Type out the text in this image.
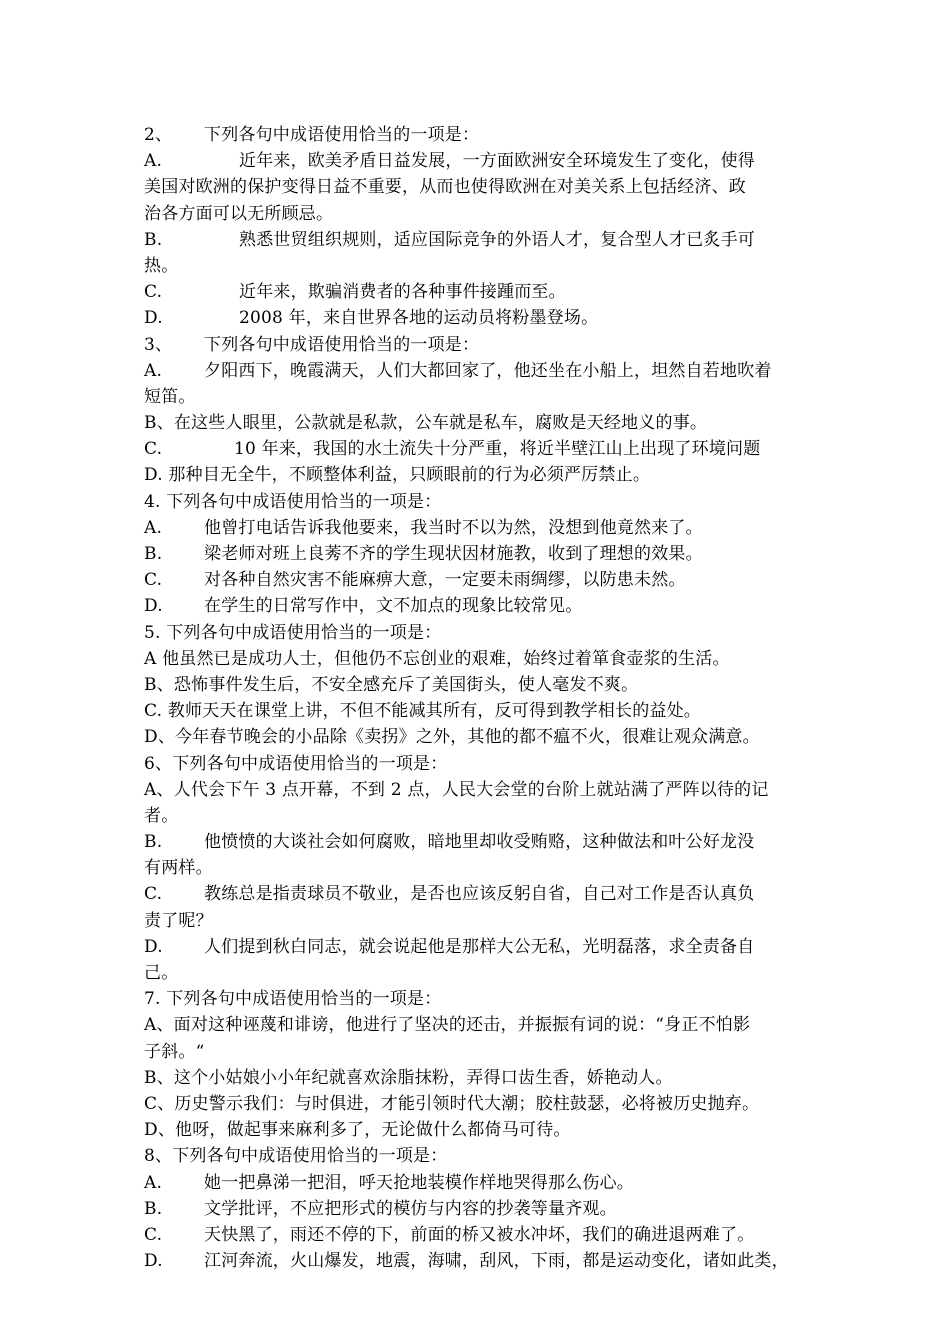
2、 下列各句中成语使用恰当的一项是：
A.	近年来，欧美矛盾日益发展，一方面欧洲安全环境发生了变化，使得
美国对欧洲的保护变得日益不重要，从而也使得欧洲在对美关系上包括经济、政
治各方面可以无所顾忌。
B.	熟悉世贸组织规则，适应国际竞争的外语人才，复合型人才已炙手可
热。
C.	近年来，欺骗消费者的各种事件接踵而至。
D.	2008 年，来自世界各地的运动员将粉墨登场。
3、 下列各句中成语使用恰当的一项是：
A. 夕阳西下，晚霞满天，人们大都回家了，他还坐在小船上，坦然自若地吹着
短笛。
B、在这些人眼里，公款就是私款，公车就是私车，腐败是天经地义的事。
C.	10 年来，我国的水土流失十分严重，将近半壁江山上出现了环境问题
D. 那种目无全牛，不顾整体利益，只顾眼前的行为必须严厉禁止。
4. 下列各句中成语使用恰当的一项是：
A. 他曾打电话告诉我他要来，我当时不以为然，没想到他竟然来了。
B. 梁老师对班上良莠不齐的学生现状因材施教，收到了理想的效果。
C. 对各种自然灾害不能麻痹大意，一定要未雨绸缪，以防患未然。
D. 在学生的日常写作中，文不加点的现象比较常见。
5. 下列各句中成语使用恰当的一项是：
A 他虽然已是成功人士，但他仍不忘创业的艰难，始终过着箪食壶浆的生活。
B、恐怖事件发生后，不安全感充斥了美国街头，使人毫发不爽。
C. 教师天天在课堂上讲，不但不能减其所有，反可得到教学相长的益处。
D、今年春节晚会的小品除《卖拐》之外，其他的都不瘟不火，很难让观众满意。
6、下列各句中成语使用恰当的一项是：
A、人代会下午 3 点开幕，不到 2 点，人民大会堂的台阶上就站满了严阵以待的记
者。
B. 他愤愤的大谈社会如何腐败，暗地里却收受贿赂，这种做法和叶公好龙没
有两样。
C. 教练总是指责球员不敬业，是否也应该反躬自省，自己对工作是否认真负
责了呢？
D. 人们提到秋白同志，就会说起他是那样大公无私，光明磊落，求全责备自
己。
7. 下列各句中成语使用恰当的一项是：
A、面对这种诬蔑和诽谤，他进行了坚决的还击，并振振有词的说：“身正不怕影
子斜。“
B、这个小姑娘小小年纪就喜欢涂脂抹粉，弄得口齿生香，娇艳动人。
C、历史警示我们：与时俱进，才能引领时代大潮；胶柱鼓瑟，必将被历史抛弃。
D、他呀，做起事来麻利多了，无论做什么都倚马可待。
8、下列各句中成语使用恰当的一项是：
A. 她一把鼻涕一把泪，呼天抢地装模作样地哭得那么伤心。
B. 文学批评，不应把形式的模仿与内容的抄袭等量齐观。
C. 天快黑了，雨还不停的下，前面的桥又被水冲坏，我们的确进退两难了。
D. 江河奔流，火山爆发，地震，海啸，刮风，下雨，都是运动变化，诸如此类，
